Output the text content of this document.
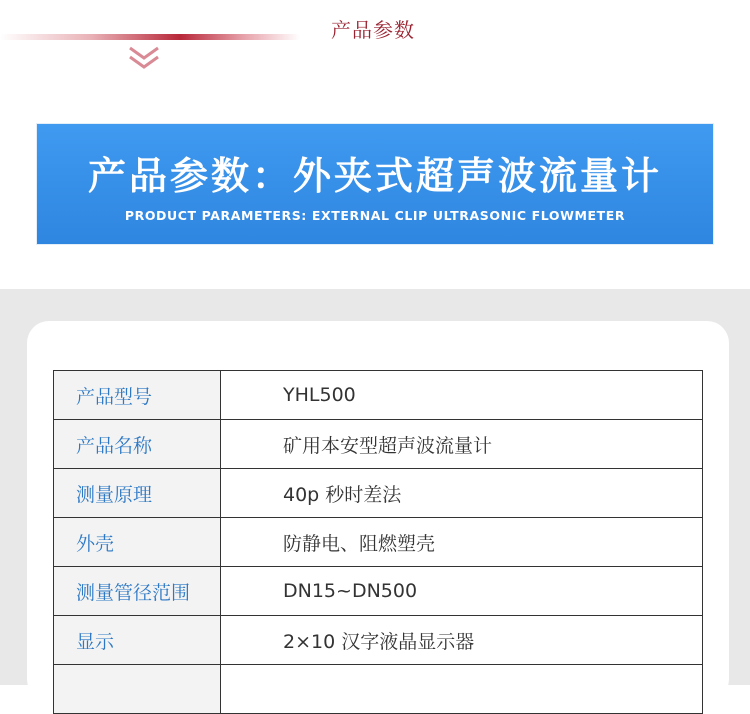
产品参数
产品参数：外夹式超声波流量计
PRODUCT PARAMETERS: EXTERNAL CLIP ULTRASONIC FLOWMETER
产品型号	YHL500
产品名称	矿用本安型超声波流量计
测量原理	40p 秒时差法
外壳	防静电、阻燃塑壳
测量管径范围	DN15~DN500
显示	2×10 汉字液晶显示器
